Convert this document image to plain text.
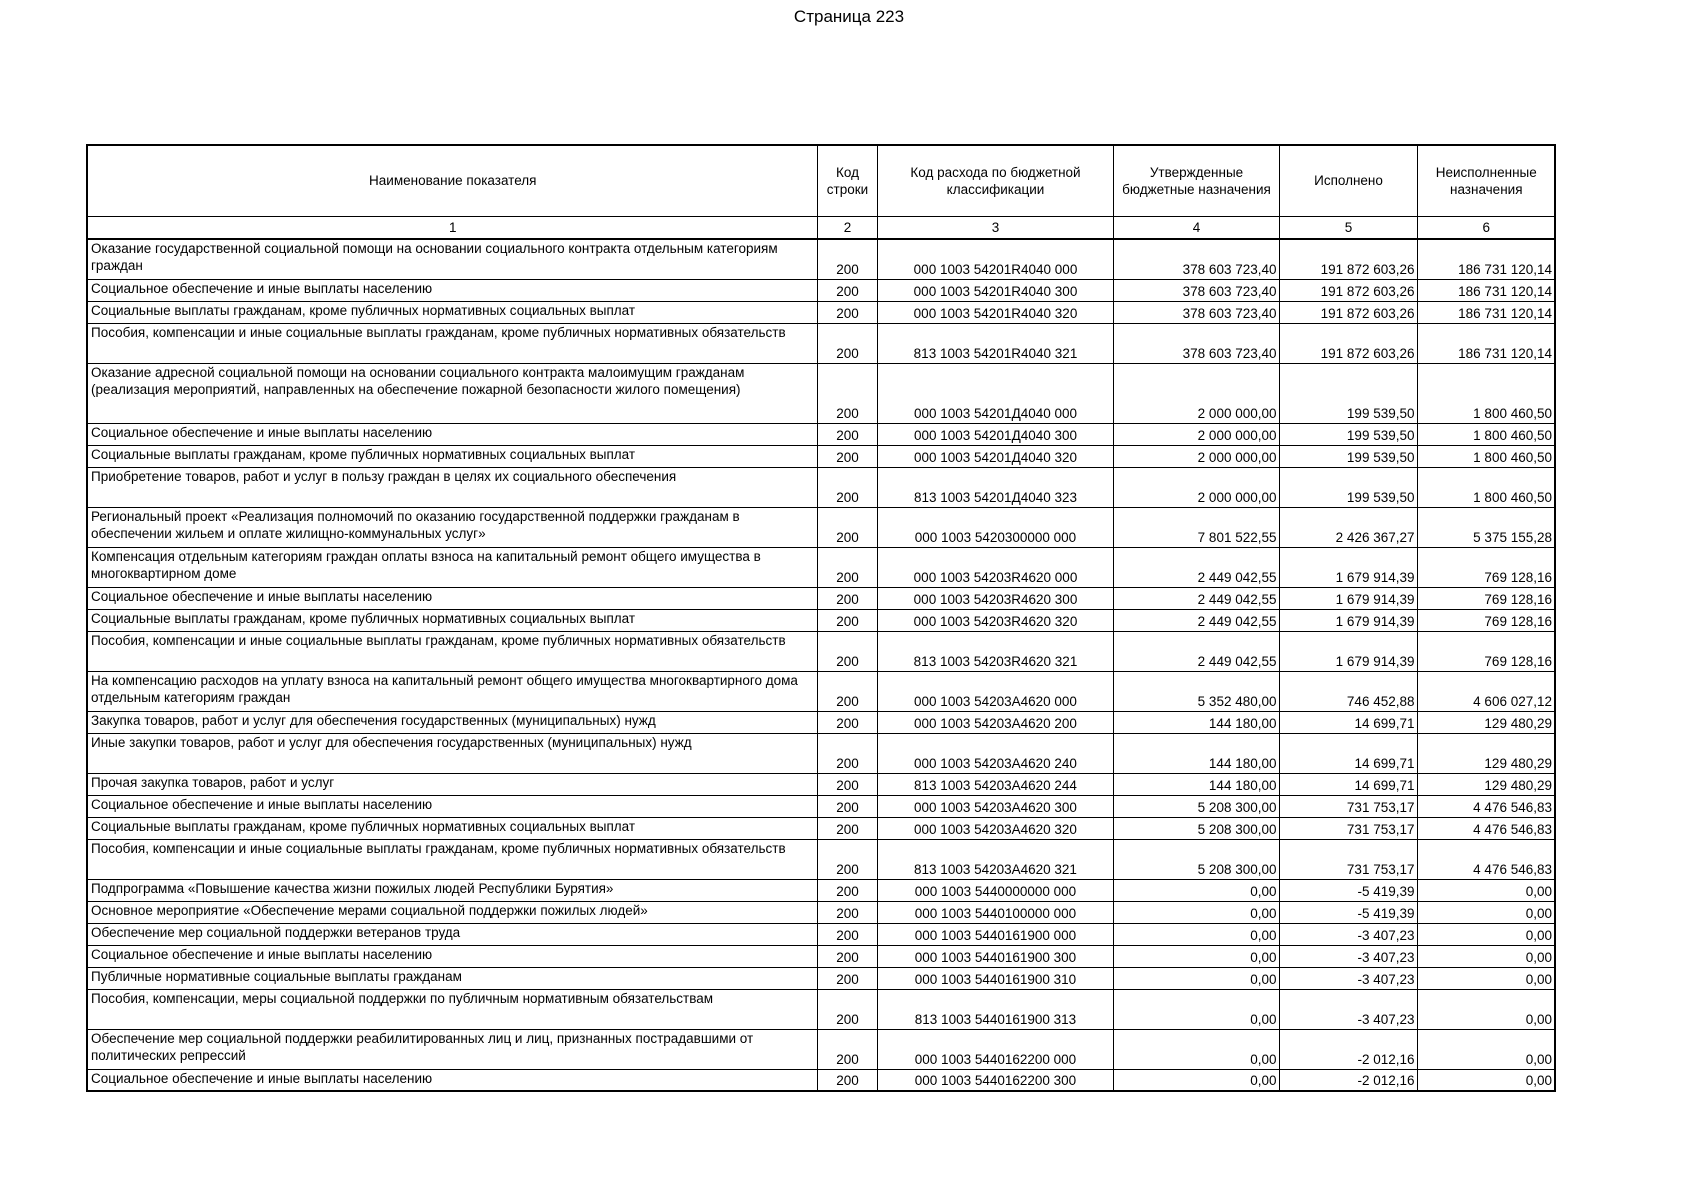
Страница 223
Наименование показателя	Код строки	Код расхода по бюджетной классификации	Утвержденные бюджетные назначения	Исполнено	Неисполненные назначения
1	2	3	4	5	6
Оказание государственной социальной помощи на основании социального контракта отдельным категориям граждан	200	000 1003 54201R4040 000	378 603 723,40	191 872 603,26	186 731 120,14
Социальное обеспечение и иные выплаты населению	200	000 1003 54201R4040 300	378 603 723,40	191 872 603,26	186 731 120,14
Социальные выплаты гражданам, кроме публичных нормативных социальных выплат	200	000 1003 54201R4040 320	378 603 723,40	191 872 603,26	186 731 120,14
Пособия, компенсации и иные социальные выплаты гражданам, кроме публичных нормативных обязательств	200	813 1003 54201R4040 321	378 603 723,40	191 872 603,26	186 731 120,14
Оказание адресной социальной помощи на основании социального контракта малоимущим гражданам (реализация мероприятий, направленных на обеспечение пожарной безопасности жилого помещения)	200	000 1003 54201Д4040 000	2 000 000,00	199 539,50	1 800 460,50
Социальное обеспечение и иные выплаты населению	200	000 1003 54201Д4040 300	2 000 000,00	199 539,50	1 800 460,50
Социальные выплаты гражданам, кроме публичных нормативных социальных выплат	200	000 1003 54201Д4040 320	2 000 000,00	199 539,50	1 800 460,50
Приобретение товаров, работ и услуг в пользу граждан в целях их социального обеспечения	200	813 1003 54201Д4040 323	2 000 000,00	199 539,50	1 800 460,50
Региональный проект «Реализация полномочий по оказанию государственной поддержки гражданам в обеспечении жильем и оплате жилищно-коммунальных услуг»	200	000 1003 5420300000 000	7 801 522,55	2 426 367,27	5 375 155,28
Компенсация отдельным категориям граждан оплаты взноса на капитальный ремонт общего имущества в многоквартирном доме	200	000 1003 54203R4620 000	2 449 042,55	1 679 914,39	769 128,16
Социальное обеспечение и иные выплаты населению	200	000 1003 54203R4620 300	2 449 042,55	1 679 914,39	769 128,16
Социальные выплаты гражданам, кроме публичных нормативных социальных выплат	200	000 1003 54203R4620 320	2 449 042,55	1 679 914,39	769 128,16
Пособия, компенсации и иные социальные выплаты гражданам, кроме публичных нормативных обязательств	200	813 1003 54203R4620 321	2 449 042,55	1 679 914,39	769 128,16
На компенсацию расходов на уплату взноса на капитальный ремонт общего имущества многоквартирного дома отдельным категориям граждан	200	000 1003 54203А4620 000	5 352 480,00	746 452,88	4 606 027,12
Закупка товаров, работ и услуг для обеспечения государственных (муниципальных) нужд	200	000 1003 54203А4620 200	144 180,00	14 699,71	129 480,29
Иные закупки товаров, работ и услуг для обеспечения государственных (муниципальных) нужд	200	000 1003 54203А4620 240	144 180,00	14 699,71	129 480,29
Прочая закупка товаров, работ и услуг	200	813 1003 54203А4620 244	144 180,00	14 699,71	129 480,29
Социальное обеспечение и иные выплаты населению	200	000 1003 54203А4620 300	5 208 300,00	731 753,17	4 476 546,83
Социальные выплаты гражданам, кроме публичных нормативных социальных выплат	200	000 1003 54203А4620 320	5 208 300,00	731 753,17	4 476 546,83
Пособия, компенсации и иные социальные выплаты гражданам, кроме публичных нормативных обязательств	200	813 1003 54203А4620 321	5 208 300,00	731 753,17	4 476 546,83
Подпрограмма «Повышение качества жизни пожилых людей Республики Бурятия»	200	000 1003 5440000000 000	0,00	-5 419,39	0,00
Основное мероприятие «Обеспечение мерами социальной поддержки пожилых людей»	200	000 1003 5440100000 000	0,00	-5 419,39	0,00
Обеспечение мер социальной поддержки ветеранов труда	200	000 1003 5440161900 000	0,00	-3 407,23	0,00
Социальное обеспечение и иные выплаты населению	200	000 1003 5440161900 300	0,00	-3 407,23	0,00
Публичные нормативные социальные выплаты гражданам	200	000 1003 5440161900 310	0,00	-3 407,23	0,00
Пособия, компенсации, меры социальной поддержки по публичным нормативным обязательствам	200	813 1003 5440161900 313	0,00	-3 407,23	0,00
Обеспечение мер социальной поддержки реабилитированных лиц и лиц, признанных пострадавшими от политических репрессий	200	000 1003 5440162200 000	0,00	-2 012,16	0,00
Социальное обеспечение и иные выплаты населению	200	000 1003 5440162200 300	0,00	-2 012,16	0,00
